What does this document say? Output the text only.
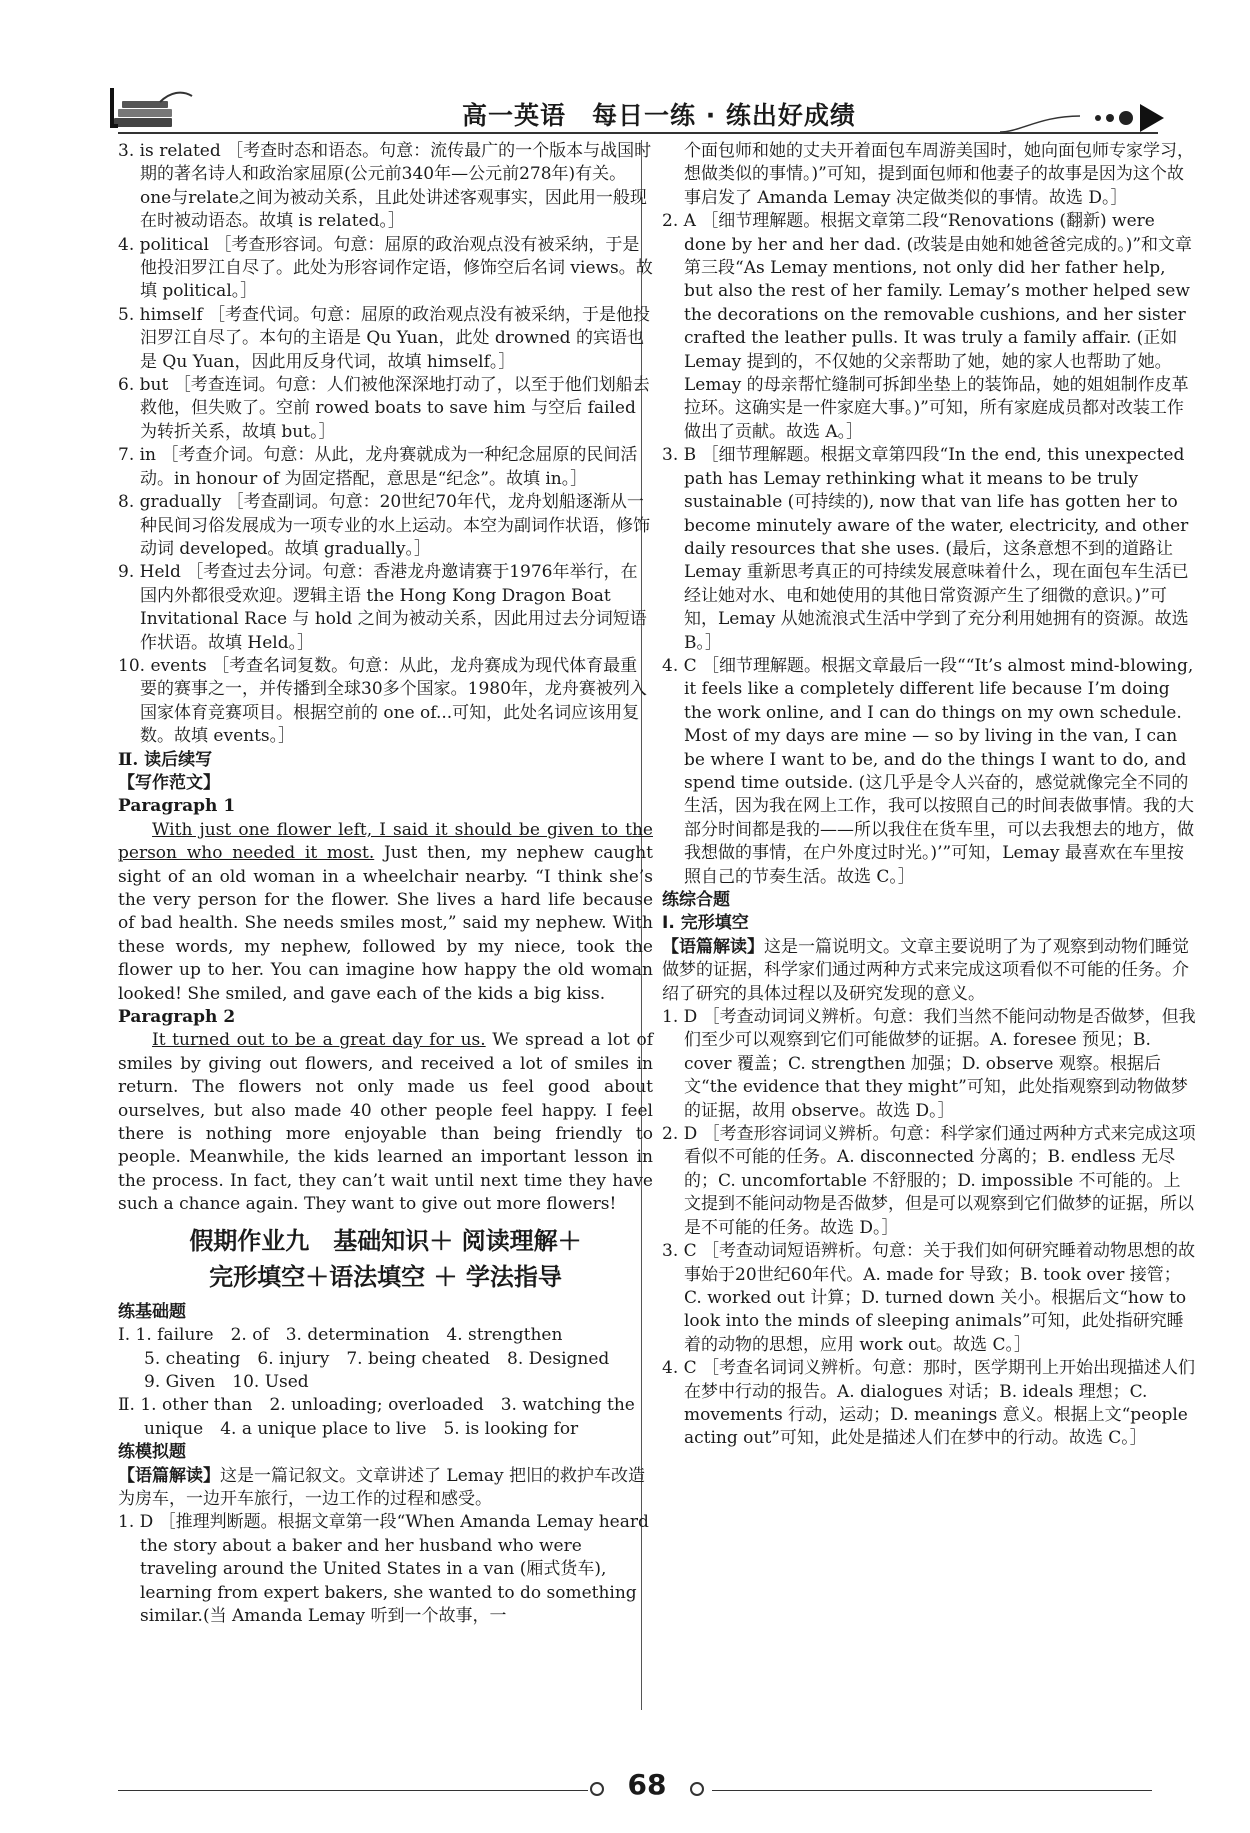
高一英语　每日一练 · 练出好成绩

3. is related ［考查时态和语态。句意：流传最广的一个版本与战国时期的著名诗人和政治家屈原(公元前340年—公元前278年)有关。one与relate之间为被动关系，且此处讲述客观事实，因此用一般现在时被动语态。故填 is related。］

4. political ［考查形容词。句意：屈原的政治观点没有被采纳，于是他投汨罗江自尽了。此处为形容词作定语，修饰空后名词 views。故填 political。］

5. himself ［考查代词。句意：屈原的政治观点没有被采纳，于是他投汨罗江自尽了。本句的主语是 Qu Yuan，此处 drowned 的宾语也是 Qu Yuan，因此用反身代词，故填 himself。］

6. but ［考查连词。句意：人们被他深深地打动了，以至于他们划船去救他，但失败了。空前 rowed boats to save him 与空后 failed 为转折关系，故填 but。］

7. in ［考查介词。句意：从此，龙舟赛就成为一种纪念屈原的民间活动。in honour of 为固定搭配，意思是“纪念”。故填 in。］

8. gradually ［考查副词。句意：20世纪70年代，龙舟划船逐渐从一种民间习俗发展成为一项专业的水上运动。本空为副词作状语，修饰动词 developed。故填 gradually。］

9. Held ［考查过去分词。句意：香港龙舟邀请赛于1976年举行，在国内外都很受欢迎。逻辑主语 the Hong Kong Dragon Boat Invitational Race 与 hold 之间为被动关系，因此用过去分词短语作状语。故填 Held。］

10. events ［考查名词复数。句意：从此，龙舟赛成为现代体育最重要的赛事之一，并传播到全球30多个国家。1980年，龙舟赛被列入国家体育竞赛项目。根据空前的 one of...可知，此处名词应该用复数。故填 events。］

Ⅱ. 读后续写

【写作范文】

Paragraph 1

With just one flower left, I said it should be given to the person who needed it most. Just then, my nephew caught sight of an old woman in a wheelchair nearby. “I think she’s the very person for the flower. She lives a hard life because of bad health. She needs smiles most,” said my nephew. With these words, my nephew, followed by my niece, took the flower up to her. You can imagine how happy the old woman looked! She smiled, and gave each of the kids a big kiss.

Paragraph 2

It turned out to be a great day for us. We spread a lot of smiles by giving out flowers, and received a lot of smiles in return. The flowers not only made us feel good about ourselves, but also made 40 other people feel happy. I feel there is nothing more enjoyable than being friendly to people. Meanwhile, the kids learned an important lesson in the process. In fact, they can’t wait until next time they have such a chance again. They want to give out more flowers!

假期作业九　基础知识＋ 阅读理解＋
完形填空＋语法填空 ＋ 学法指导

练基础题

Ⅰ. 1. failure　2. of　3. determination　4. strengthen

5. cheating　6. injury　7. being cheated　8. Designed

9. Given　10. Used

Ⅱ. 1. other than　2. unloading; overloaded　3. watching the

unique　4. a unique place to live　5. is looking for

练模拟题

【语篇解读】这是一篇记叙文。文章讲述了 Lemay 把旧的救护车改造为房车，一边开车旅行，一边工作的过程和感受。

1. D ［推理判断题。根据文章第一段“When Amanda Lemay heard the story about a baker and her husband who were traveling around the United States in a van (厢式货车), learning from expert bakers, she wanted to do something similar.(当 Amanda Lemay 听到一个故事，一

个面包师和她的丈夫开着面包车周游美国时，她向面包师专家学习，想做类似的事情。)”可知，提到面包师和他妻子的故事是因为这个故事启发了 Amanda Lemay 决定做类似的事情。故选 D。］

2. A ［细节理解题。根据文章第二段“Renovations (翻新) were done by her and her dad. (改装是由她和她爸爸完成的。)”和文章第三段“As Lemay mentions, not only did her father help, but also the rest of her family. Lemay’s mother helped sew the decorations on the removable cushions, and her sister crafted the leather pulls. It was truly a family affair. (正如 Lemay 提到的，不仅她的父亲帮助了她，她的家人也帮助了她。Lemay 的母亲帮忙缝制可拆卸坐垫上的装饰品，她的姐姐制作皮革拉环。这确实是一件家庭大事。)”可知，所有家庭成员都对改装工作做出了贡献。故选 A。］

3. B ［细节理解题。根据文章第四段“In the end, this unexpected path has Lemay rethinking what it means to be truly sustainable (可持续的), now that van life has gotten her to become minutely aware of the water, electricity, and other daily resources that she uses. (最后，这条意想不到的道路让 Lemay 重新思考真正的可持续发展意味着什么，现在面包车生活已经让她对水、电和她使用的其他日常资源产生了细微的意识。)”可知，Lemay 从她流浪式生活中学到了充分利用她拥有的资源。故选 B。］

4. C ［细节理解题。根据文章最后一段““It’s almost mind-blowing, it feels like a completely different life because I’m doing the work online, and I can do things on my own schedule. Most of my days are mine — so by living in the van, I can be where I want to be, and do the things I want to do, and spend time outside. (这几乎是令人兴奋的，感觉就像完全不同的生活，因为我在网上工作，我可以按照自己的时间表做事情。我的大部分时间都是我的——所以我住在货车里，可以去我想去的地方，做我想做的事情，在户外度过时光。)’”可知，Lemay 最喜欢在车里按照自己的节奏生活。故选 C。］

练综合题

Ⅰ. 完形填空

【语篇解读】这是一篇说明文。文章主要说明了为了观察到动物们睡觉做梦的证据，科学家们通过两种方式来完成这项看似不可能的任务。介绍了研究的具体过程以及研究发现的意义。

1. D ［考查动词词义辨析。句意：我们当然不能问动物是否做梦，但我们至少可以观察到它们可能做梦的证据。A. foresee 预见；B. cover 覆盖；C. strengthen 加强；D. observe 观察。根据后文“the evidence that they might”可知，此处指观察到动物做梦的证据，故用 observe。故选 D。］

2. D ［考查形容词词义辨析。句意：科学家们通过两种方式来完成这项看似不可能的任务。A. disconnected 分离的；B. endless 无尽的；C. uncomfortable 不舒服的；D. impossible 不可能的。上文提到不能问动物是否做梦，但是可以观察到它们做梦的证据，所以是不可能的任务。故选 D。］

3. C ［考查动词短语辨析。句意：关于我们如何研究睡着动物思想的故事始于20世纪60年代。A. made for 导致；B. took over 接管；C. worked out 计算；D. turned down 关小。根据后文“how to look into the minds of sleeping animals”可知，此处指研究睡着的动物的思想，应用 work out。故选 C。］

4. C ［考查名词词义辨析。句意：那时，医学期刊上开始出现描述人们在梦中行动的报告。A. dialogues 对话；B. ideals 理想；C. movements 行动，运动；D. meanings 意义。根据上文“people acting out”可知，此处是描述人们在梦中的行动。故选 C。］

68
